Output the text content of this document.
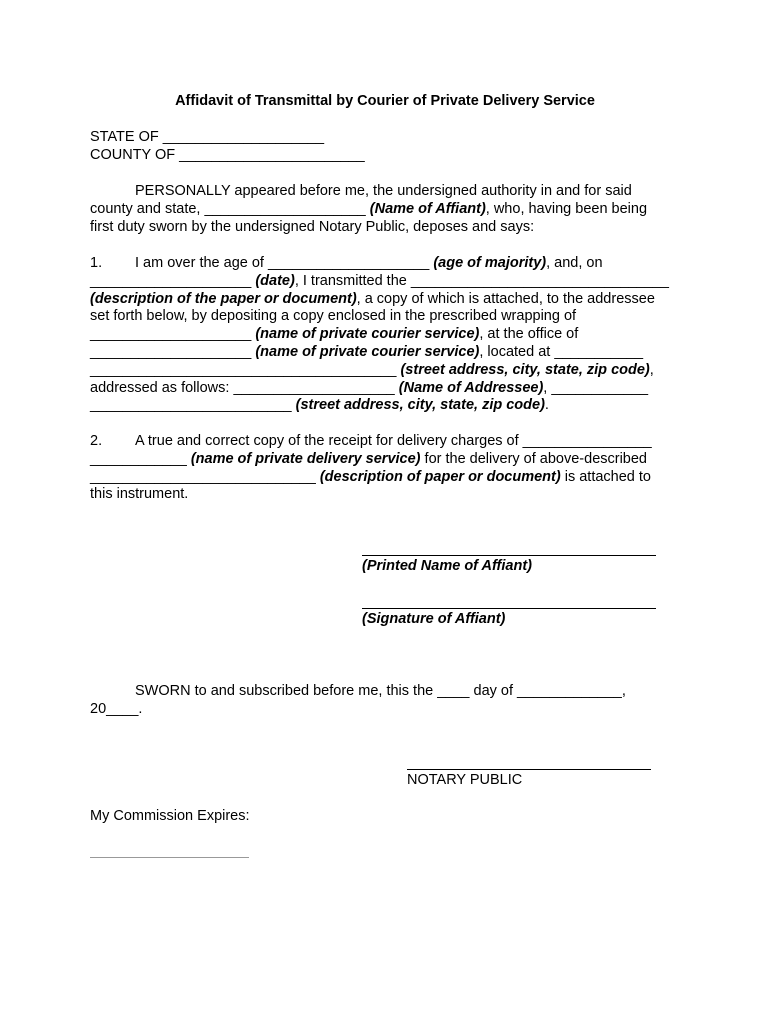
Affidavit of Transmittal by Courier of Private Delivery Service
STATE OF ____________________
COUNTY OF _______________________
PERSONALLY appeared before me, the undersigned authority in and for said
county and state, ____________________ (Name of Affiant), who, having been being
first duty sworn by the undersigned Notary Public, deposes and says:
1. I am over the age of ____________________ (age of majority), and, on
____________________ (date), I transmitted the ________________________________
(description of the paper or document), a copy of which is attached, to the addressee
set forth below, by depositing a copy enclosed in the prescribed wrapping of
____________________ (name of private courier service), at the office of
____________________ (name of private courier service), located at ___________
______________________________________ (street address, city, state, zip code),
addressed as follows: ____________________ (Name of Addressee), ____________
_________________________ (street address, city, state, zip code).
2. A true and correct copy of the receipt for delivery charges of ________________
____________ (name of private delivery service) for the delivery of above-described
____________________________ (description of paper or document) is attached to
this instrument.
(Printed Name of Affiant)
(Signature of Affiant)
SWORN to and subscribed before me, this the ____ day of _____________,
20____.
NOTARY PUBLIC
My Commission Expires:
